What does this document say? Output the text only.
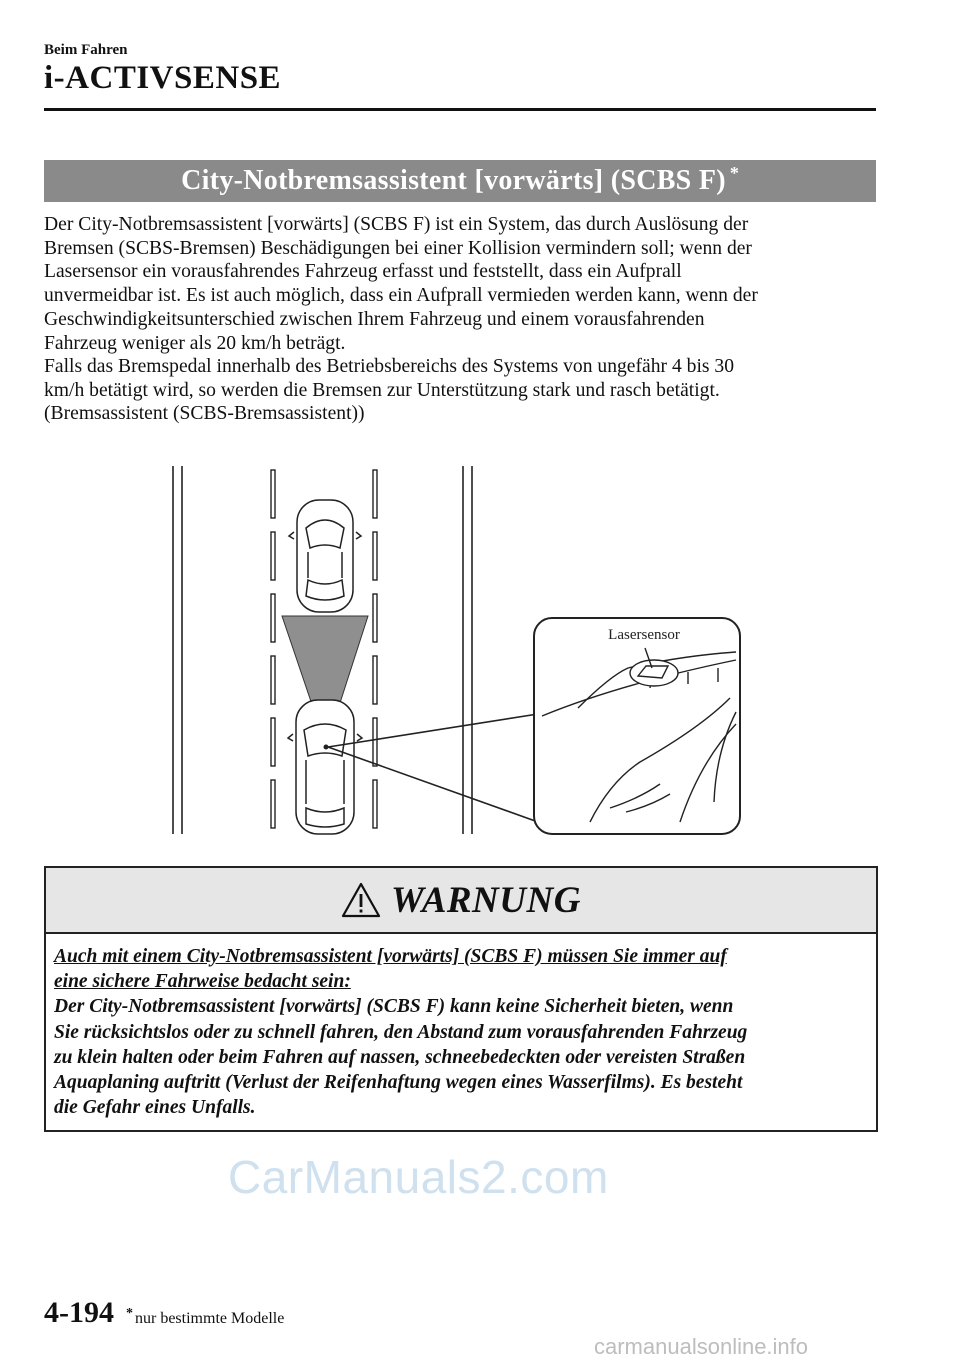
Beim Fahren
i-ACTIVSENSE
City-Notbremsassistent [vorwärts] (SCBS F) *
Der City-Notbremsassistent [vorwärts] (SCBS F) ist ein System, das durch Auslösung der
Bremsen (SCBS-Bremsen) Beschädigungen bei einer Kollision vermindern soll; wenn der
Lasersensor ein vorausfahrendes Fahrzeug erfasst und feststellt, dass ein Aufprall
unvermeidbar ist. Es ist auch möglich, dass ein Aufprall vermieden werden kann, wenn der
Geschwindigkeitsunterschied zwischen Ihrem Fahrzeug und einem vorausfahrenden
Fahrzeug weniger als 20 km/h beträgt.
Falls das Bremspedal innerhalb des Betriebsbereichs des Systems von ungefähr 4 bis 30
km/h betätigt wird, so werden die Bremsen zur Unterstützung stark und rasch betätigt.
(Bremsassistent (SCBS-Bremsassistent))
Lasersensor
WARNUNG
Auch mit einem City-Notbremsassistent [vorwärts] (SCBS F) müssen Sie immer auf
eine sichere Fahrweise bedacht sein:
Der City-Notbremsassistent [vorwärts] (SCBS F) kann keine Sicherheit bieten, wenn
Sie rücksichtslos oder zu schnell fahren, den Abstand zum vorausfahrenden Fahrzeug
zu klein halten oder beim Fahren auf nassen, schneebedeckten oder vereisten Straßen
Aquaplaning auftritt (Verlust der Reifenhaftung wegen eines Wasserfilms). Es besteht
die Gefahr eines Unfalls.
CarManuals2.com
4-194 * nur bestimmte Modelle
carmanualsonline.info
